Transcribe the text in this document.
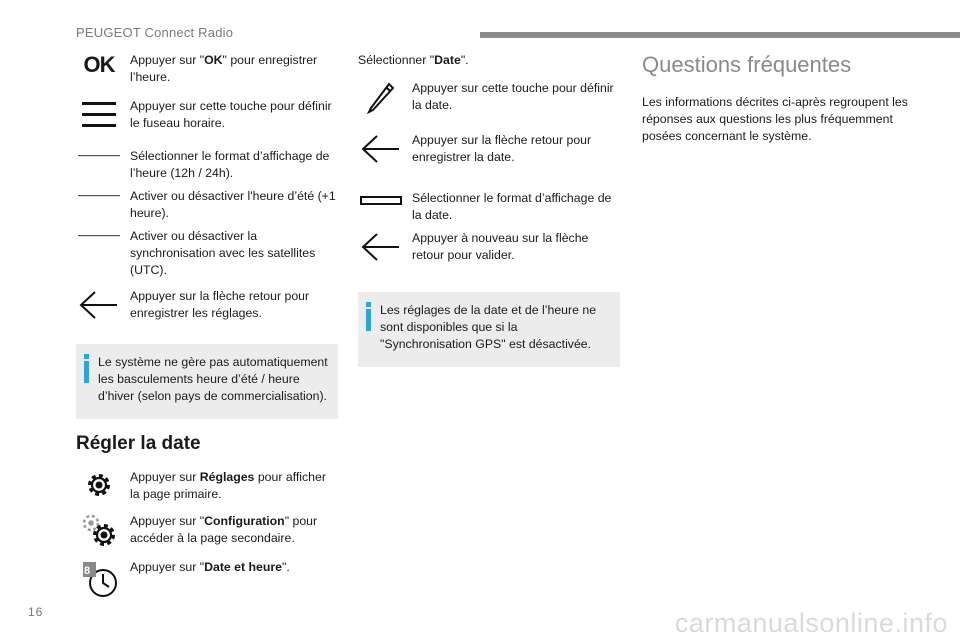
PEUGEOT Connect Radio
OK	Appuyer sur "OK" pour enregistrer l’heure.
Appuyer sur cette touche pour définir le fuseau horaire.
Sélectionner le format d’affichage de l’heure (12h / 24h).
Activer ou désactiver l'heure d’été (+1 heure).
Activer ou désactiver la synchronisation avec les satellites (UTC).
Appuyer sur la flèche retour pour enregistrer les réglages.
Le système ne gère pas automatiquement les basculements heure d’été / heure d’hiver (selon pays de commercialisation).
Régler la date
Appuyer sur Réglages pour afficher la page primaire.
Appuyer sur "Configuration" pour accéder à la page secondaire.
8	Appuyer sur "Date et heure".
Sélectionner "Date".
Appuyer sur cette touche pour définir la date.
Appuyer sur la flèche retour pour enregistrer la date.
Sélectionner le format d’affichage de la date.
Appuyer à nouveau sur la flèche retour pour valider.
Les réglages de la date et de l’heure ne sont disponibles que si la "Synchronisation GPS" est désactivée.
Questions fréquentes
Les informations décrites ci-après regroupent les réponses aux questions les plus fréquemment posées concernant le système.
16	carmanualsonline.info
